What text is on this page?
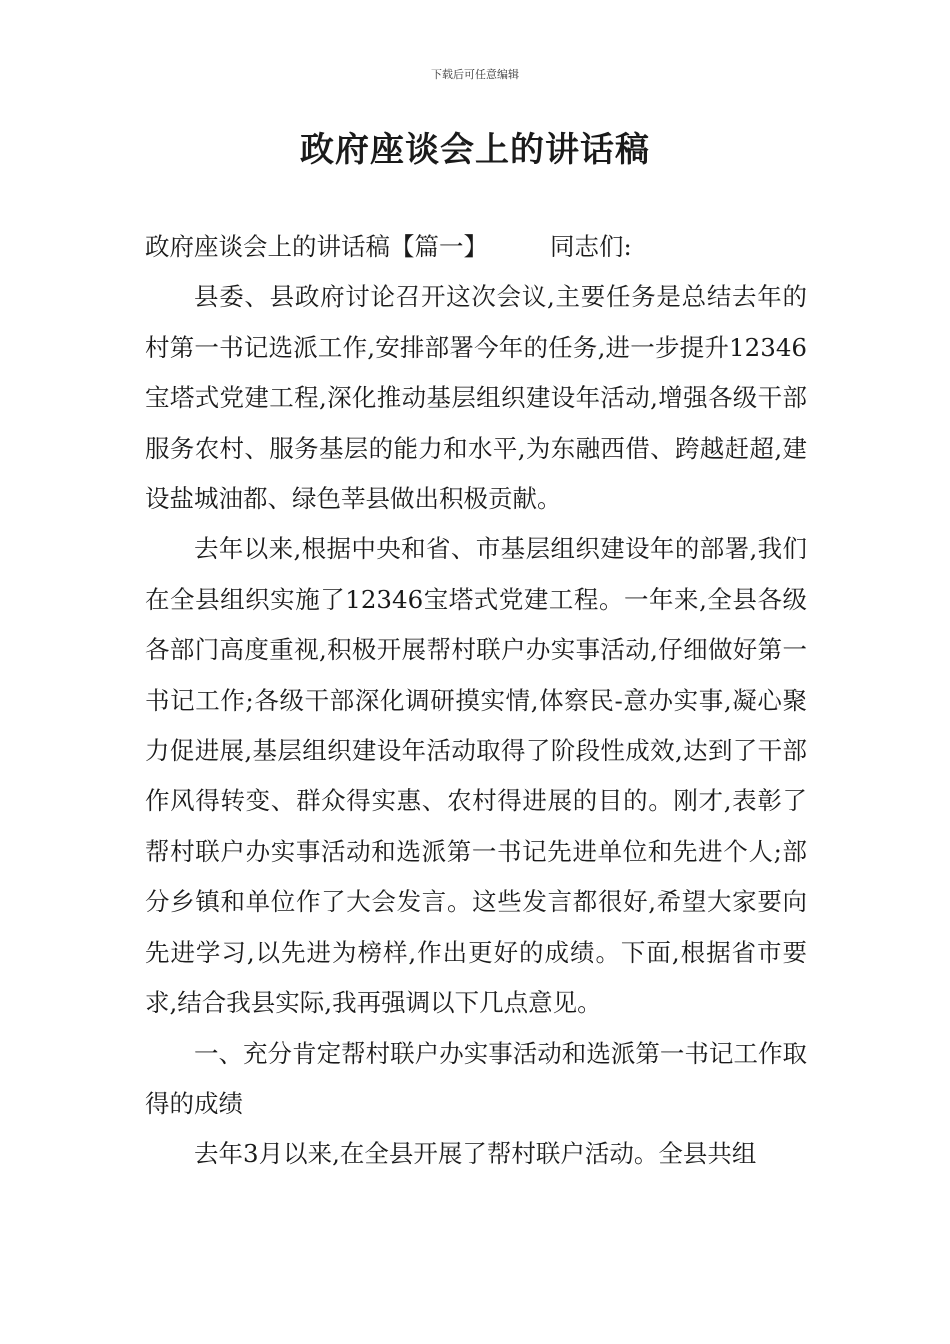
下载后可任意编辑
政府座谈会上的讲话稿

政府座谈会上的讲话稿【篇一】	同志们:

县委、县政府讨论召开这次会议,主要任务是总结去年的村第一书记选派工作,安排部署今年的任务,进一步提升12346宝塔式党建工程,深化推动基层组织建设年活动,增强各级干部服务农村、服务基层的能力和水平,为东融西借、跨越赶超,建设盐城油都、绿色莘县做出积极贡献。

去年以来,根据中央和省、市基层组织建设年的部署,我们在全县组织实施了12346宝塔式党建工程。一年来,全县各级各部门高度重视,积极开展帮村联户办实事活动,仔细做好第一书记工作;各级干部深化调研摸实情,体察民-意办实事,凝心聚力促进展,基层组织建设年活动取得了阶段性成效,达到了干部作风得转变、群众得实惠、农村得进展的目的。刚才,表彰了帮村联户办实事活动和选派第一书记先进单位和先进个人;部分乡镇和单位作了大会发言。这些发言都很好,希望大家要向先进学习,以先进为榜样,作出更好的成绩。下面,根据省市要求,结合我县实际,我再强调以下几点意见。

一、充分肯定帮村联户办实事活动和选派第一书记工作取得的成绩

去年3月以来,在全县开展了帮村联户活动。全县共组
